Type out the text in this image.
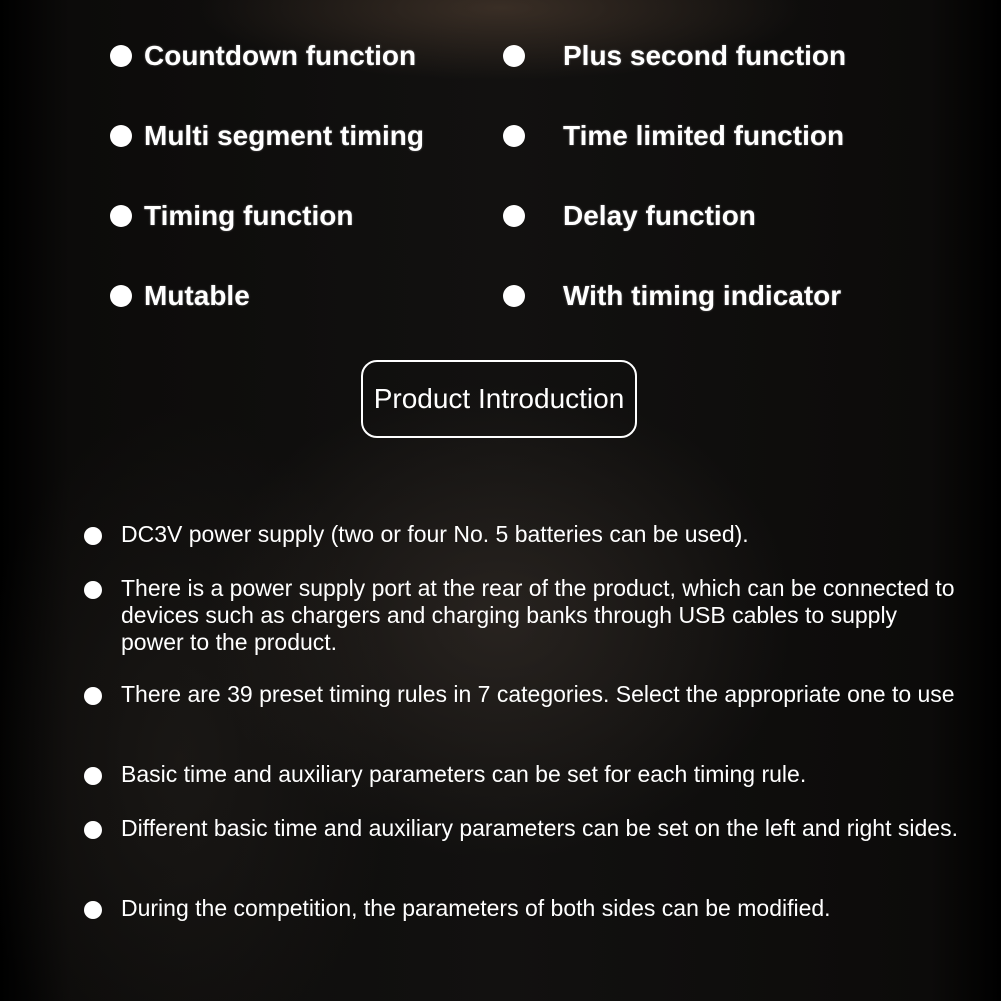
Countdown function	Plus second function
Multi segment timing	Time limited function
Timing function	Delay function
Mutable	With timing indicator
Product Introduction
DC3V power supply (two or four No. 5 batteries can be used).
There is a power supply port at the rear of the product, which can be connected to devices such as chargers and charging banks through USB cables to supply power to the product.
There are 39 preset timing rules in 7 categories. Select the appropriate one to use
Basic time and auxiliary parameters can be set for each timing rule.
Different basic time and auxiliary parameters can be set on the left and right sides.
During the competition, the parameters of both sides can be modified.
